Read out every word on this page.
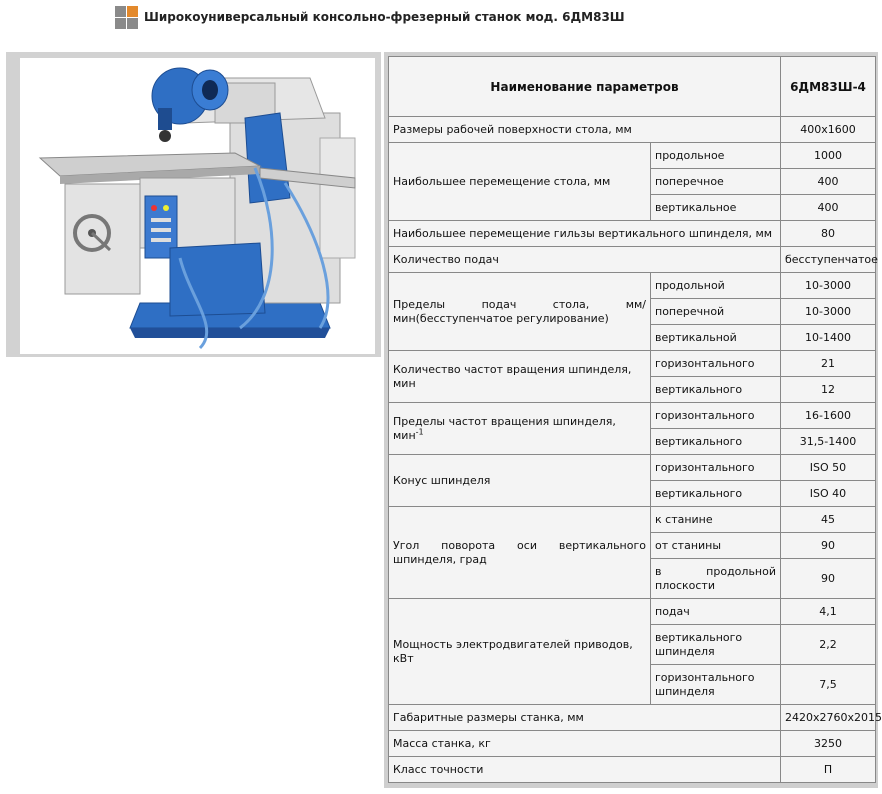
Широкоуниверсальный консольно-фрезерный станок мод. 6ДМ83Ш
Наименование параметров		6ДМ83Ш-4
Размеры рабочей поверхности стола, мм		400х1600
Наибольшее перемещение стола, мм	продольное	1000
	поперечное	400
	вертикальное	400
Наибольшее перемещение гильзы вертикального шпинделя, мм		80
Количество подач		бесступенчатое
Пределы подач стола, мм/мин(бесступенчатое регулирование)	продольной	10-3000
	поперечной	10-3000
	вертикальной	10-1400
Количество частот вращения шпинделя, мин	горизонтального	21
	вертикального	12
Пределы частот вращения шпинделя, мин$^{-1}$	горизонтального	16-1600
	вертикального	31,5-1400
Конус шпинделя	горизонтального	ISO 50
	вертикального	ISO 40
Угол поворота оси вертикального шпинделя, град	к станине	45
	от станины	90
	в продольной плоскости	90
Мощность электродвигателей приводов, кВт	подач	4,1
	вертикального шпинделя	2,2
	горизонтального шпинделя	7,5
Габаритные размеры станка, мм		2420х2760х2015
Масса станка, кг		3250
Класс точности		П
